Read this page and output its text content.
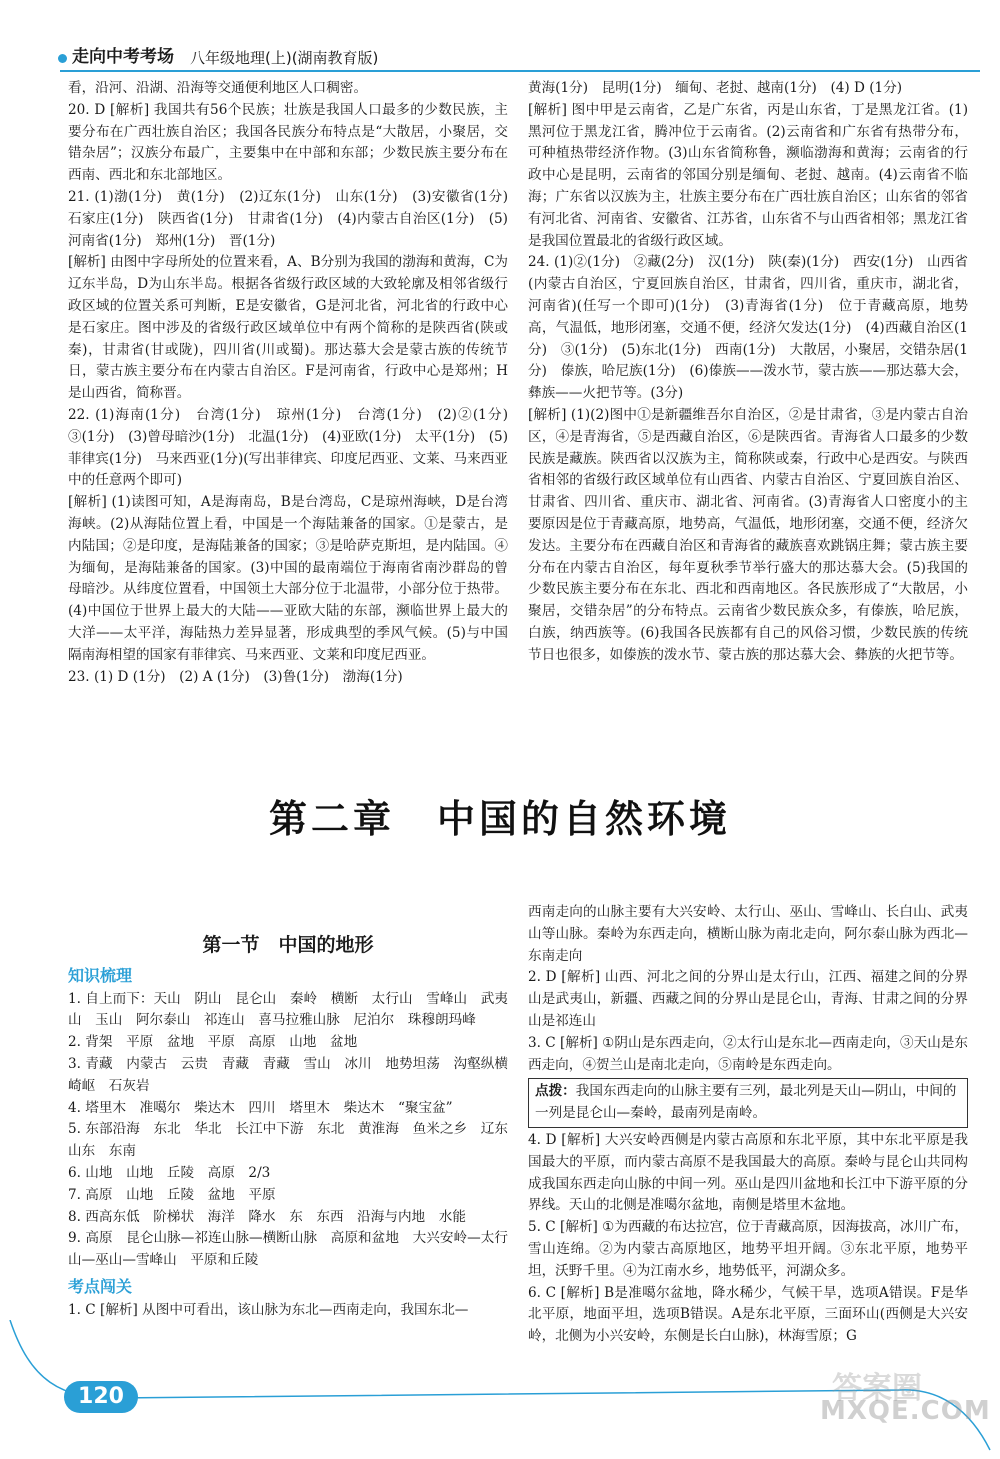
走向中考考场 八年级地理(上)(湖南教育版)

看，沿河、沿湖、沿海等交通便利地区人口稠密。

20. D [解析] 我国共有56个民族；壮族是我国人口最多的少数民族，主要分布在广西壮族自治区；我国各民族分布特点是“大散居，小聚居，交错杂居”；汉族分布最广，主要集中在中部和东部；少数民族主要分布在西南、西北和东北部地区。

21. (1)渤(1分)　黄(1分)　(2)辽东(1分)　山东(1分)　(3)安徽省(1分)　石家庄(1分)　陕西省(1分)　甘肃省(1分)　(4)内蒙古自治区(1分)　(5)河南省(1分)　郑州(1分)　晋(1分)

[解析] 由图中字母所处的位置来看，A、B分别为我国的渤海和黄海，C为辽东半岛，D为山东半岛。根据各省级行政区域的大致轮廓及相邻省级行政区域的位置关系可判断，E是安徽省，G是河北省，河北省的行政中心是石家庄。图中涉及的省级行政区域单位中有两个简称的是陕西省(陕或秦)，甘肃省(甘或陇)，四川省(川或蜀)。那达慕大会是蒙古族的传统节日，蒙古族主要分布在内蒙古自治区。F是河南省，行政中心是郑州；H是山西省，简称晋。

22. (1)海南(1分)　台湾(1分)　琼州(1分)　台湾(1分)　(2)②(1分)　③(1分)　(3)曾母暗沙(1分)　北温(1分)　(4)亚欧(1分)　太平(1分)　(5)菲律宾(1分)　马来西亚(1分)(写出菲律宾、印度尼西亚、文莱、马来西亚中的任意两个即可)

[解析] (1)读图可知，A是海南岛，B是台湾岛，C是琼州海峡，D是台湾海峡。(2)从海陆位置上看，中国是一个海陆兼备的国家。①是蒙古，是内陆国；②是印度，是海陆兼备的国家；③是哈萨克斯坦，是内陆国。④为缅甸，是海陆兼备的国家。(3)中国的最南端位于海南省南沙群岛的曾母暗沙。从纬度位置看，中国领土大部分位于北温带，小部分位于热带。(4)中国位于世界上最大的大陆——亚欧大陆的东部，濒临世界上最大的大洋——太平洋，海陆热力差异显著，形成典型的季风气候。(5)与中国隔南海相望的国家有菲律宾、马来西亚、文莱和印度尼西亚。

23. (1) D (1分)　(2) A (1分)　(3)鲁(1分)　渤海(1分)

黄海(1分)　昆明(1分)　缅甸、老挝、越南(1分)　(4) D (1分)

[解析] 图中甲是云南省，乙是广东省，丙是山东省，丁是黑龙江省。(1)黑河位于黑龙江省，腾冲位于云南省。(2)云南省和广东省有热带分布，可种植热带经济作物。(3)山东省简称鲁，濒临渤海和黄海；云南省的行政中心是昆明，云南省的邻国分别是缅甸、老挝、越南。(4)云南省不临海；广东省以汉族为主，壮族主要分布在广西壮族自治区；山东省的邻省有河北省、河南省、安徽省、江苏省，山东省不与山西省相邻；黑龙江省是我国位置最北的省级行政区域。

24. (1)②(1分)　②藏(2分)　汉(1分)　陕(秦)(1分)　西安(1分)　山西省(内蒙古自治区，宁夏回族自治区，甘肃省，四川省，重庆市，湖北省，河南省)(任写一个即可)(1分)　(3)青海省(1分)　位于青藏高原，地势高，气温低，地形闭塞，交通不便，经济欠发达(1分)　(4)西藏自治区(1分)　③(1分)　(5)东北(1分)　西南(1分)　大散居，小聚居，交错杂居(1分)　傣族，哈尼族(1分)　(6)傣族——泼水节，蒙古族——那达慕大会，彝族——火把节等。(3分)

[解析] (1)(2)图中①是新疆维吾尔自治区，②是甘肃省，③是内蒙古自治区，④是青海省，⑤是西藏自治区，⑥是陕西省。青海省人口最多的少数民族是藏族。陕西省以汉族为主，简称陕或秦，行政中心是西安。与陕西省相邻的省级行政区域单位有山西省、内蒙古自治区、宁夏回族自治区、甘肃省、四川省、重庆市、湖北省、河南省。(3)青海省人口密度小的主要原因是位于青藏高原，地势高，气温低，地形闭塞，交通不便，经济欠发达。主要分布在西藏自治区和青海省的藏族喜欢跳锅庄舞；蒙古族主要分布在内蒙古自治区，每年夏秋季节举行盛大的那达慕大会。(5)我国的少数民族主要分布在东北、西北和西南地区。各民族形成了“大散居，小聚居，交错杂居”的分布特点。云南省少数民族众多，有傣族，哈尼族，白族，纳西族等。(6)我国各民族都有自己的风俗习惯，少数民族的传统节日也很多，如傣族的泼水节、蒙古族的那达慕大会、彝族的火把节等。

第二章　中国的自然环境
第一节　中国的地形
知识梳理

1. 自上而下：天山　阴山　昆仑山　秦岭　横断　太行山　雪峰山　武夷山　玉山　阿尔泰山　祁连山　喜马拉雅山脉　尼泊尔　珠穆朗玛峰

2. 背架　平原　盆地　平原　高原　山地　盆地

3. 青藏　内蒙古　云贵　青藏　青藏　雪山　冰川　地势坦荡　沟壑纵横　崎岖　石灰岩

4. 塔里木　准噶尔　柴达木　四川　塔里木　柴达木　“聚宝盆”

5. 东部沿海　东北　华北　长江中下游　东北　黄淮海　鱼米之乡　辽东　山东　东南

6. 山地　山地　丘陵　高原　2/3

7. 高原　山地　丘陵　盆地　平原

8. 西高东低　阶梯状　海洋　降水　东　东西　沿海与内地　水能

9. 高原　昆仑山脉—祁连山脉—横断山脉　高原和盆地　大兴安岭—太行山—巫山—雪峰山　平原和丘陵

考点闯关

1. C [解析] 从图中可看出，该山脉为东北—西南走向，我国东北—

西南走向的山脉主要有大兴安岭、太行山、巫山、雪峰山、长白山、武夷山等山脉。秦岭为东西走向，横断山脉为南北走向，阿尔泰山脉为西北—东南走向

2. D [解析] 山西、河北之间的分界山是太行山，江西、福建之间的分界山是武夷山，新疆、西藏之间的分界山是昆仑山，青海、甘肃之间的分界山是祁连山

3. C [解析] ①阴山是东西走向，②太行山是东北—西南走向，③天山是东西走向，④贺兰山是南北走向，⑤南岭是东西走向。

点拨：我国东西走向的山脉主要有三列，最北列是天山—阴山，中间的一列是昆仑山—秦岭，最南列是南岭。

4. D [解析] 大兴安岭西侧是内蒙古高原和东北平原，其中东北平原是我国最大的平原，而内蒙古高原不是我国最大的高原。秦岭与昆仑山共同构成我国东西走向山脉的中间一列。巫山是四川盆地和长江中下游平原的分界线。天山的北侧是准噶尔盆地，南侧是塔里木盆地。

5. C [解析] ①为西藏的布达拉宫，位于青藏高原，因海拔高，冰川广布，雪山连绵。②为内蒙古高原地区，地势平坦开阔。③东北平原，地势平坦，沃野千里。④为江南水乡，地势低平，河湖众多。

6. C [解析] B是准噶尔盆地，降水稀少，气候干旱，选项A错误。F是华北平原，地面平坦，选项B错误。A是东北平原，三面环山(西侧是大兴安岭，北侧为小兴安岭，东侧是长白山脉)，林海雪原；G

120	答案圈
MXQE.COM
